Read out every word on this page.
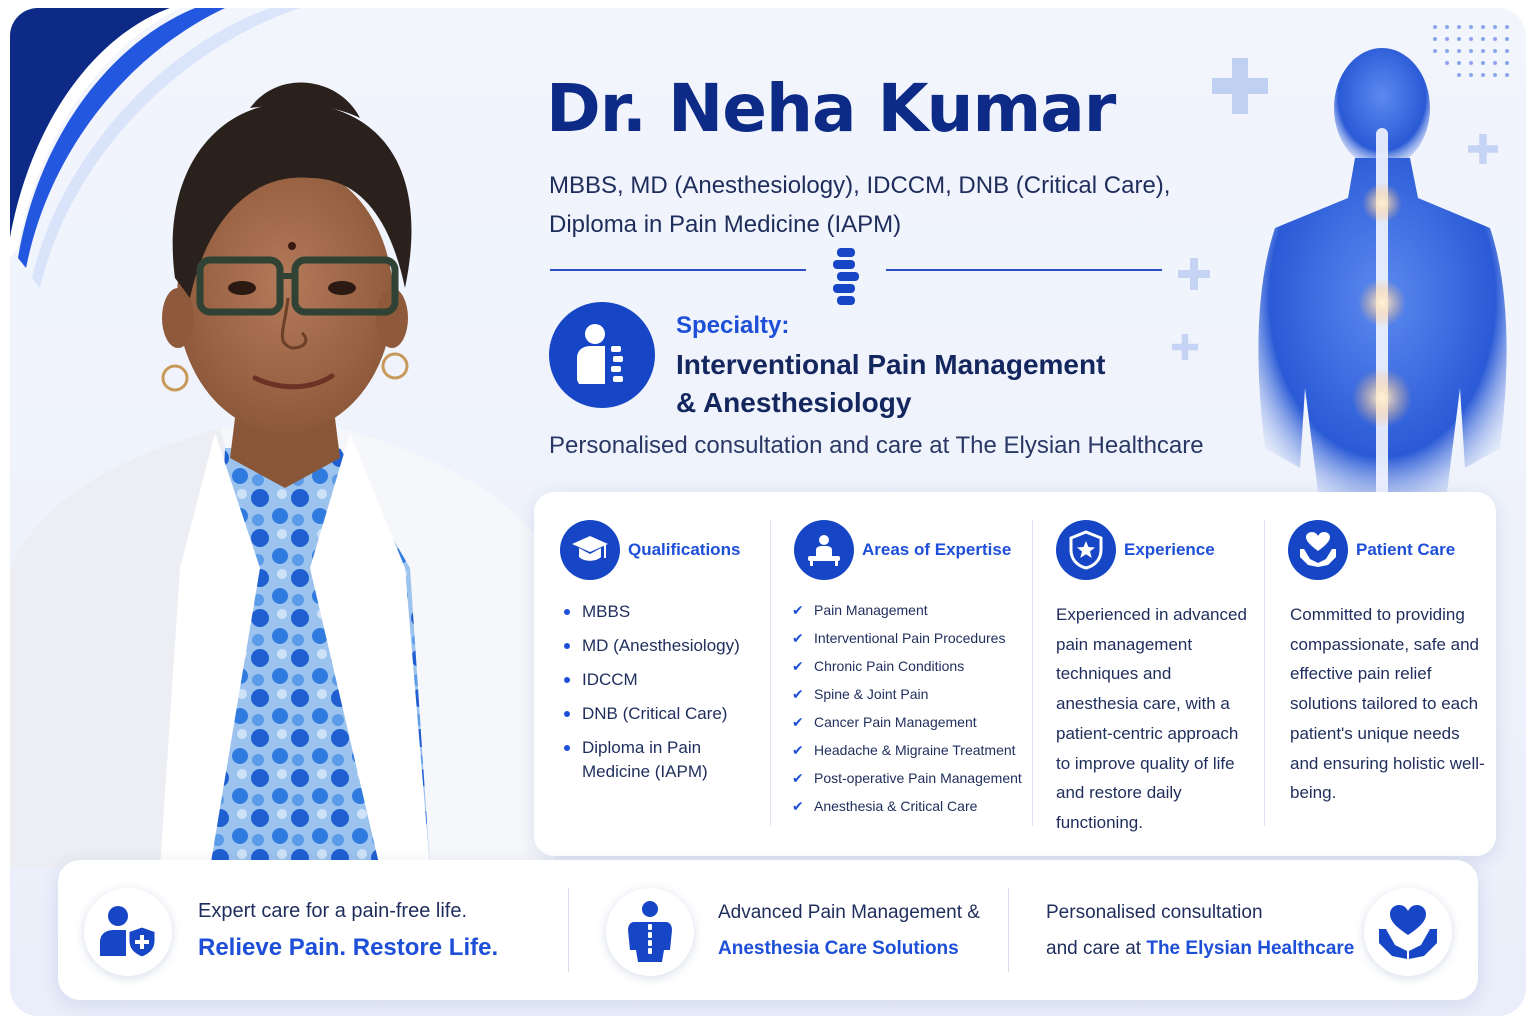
Dr. Neha Kumar
MBBS, MD (Anesthesiology), IDCCM, DNB (Critical Care),
Diploma in Pain Medicine (IAPM)
Specialty:
Interventional Pain Management
& Anesthesiology
Personalised consultation and care at The Elysian Healthcare
Qualifications
MBBS
MD (Anesthesiology)
IDCCM
DNB (Critical Care)
Diploma in Pain Medicine (IAPM)
Areas of Expertise
✔ Pain Management
✔ Interventional Pain Procedures
✔ Chronic Pain Conditions
✔ Spine & Joint Pain
✔ Cancer Pain Management
✔ Headache & Migraine Treatment
✔ Post-operative Pain Management
✔ Anesthesia & Critical Care
Experience
Experienced in advanced pain management techniques and anesthesia care, with a patient-centric approach to improve quality of life and restore daily functioning.
Patient Care
Committed to providing compassionate, safe and effective pain relief solutions tailored to each patient's unique needs and ensuring holistic well-being.
Expert care for a pain-free life.
Relieve Pain. Restore Life.
Advanced Pain Management &
Anesthesia Care Solutions
Personalised consultation
and care at The Elysian Healthcare
